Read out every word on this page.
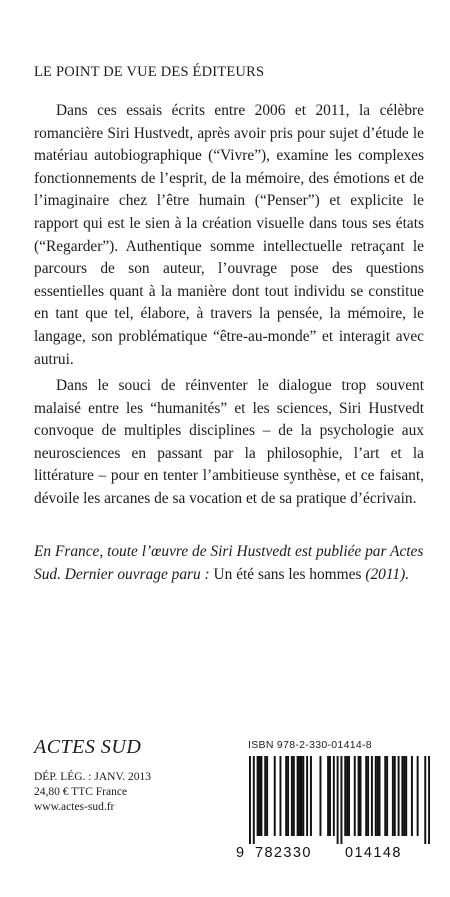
LE POINT DE VUE DES ÉDITEURS

Dans ces essais écrits entre 2006 et 2011, la célèbre romancière Siri Hustvedt, après avoir pris pour sujet d’étude le matériau autobiographique (“Vivre”), examine les complexes fonctionnements de l’esprit, de la mémoire, des émotions et de l’imaginaire chez l’être humain (“Penser”) et explicite le rapport qui est le sien à la création visuelle dans tous ses états (“Regarder”). Authentique somme intellectuelle retraçant le parcours de son auteur, l’ouvrage pose des questions essentielles quant à la manière dont tout individu se constitue en tant que tel, élabore, à travers la pensée, la mémoire, le langage, son problématique “être-au-monde” et interagit avec autrui.

Dans le souci de réinventer le dialogue trop souvent malaisé entre les “humanités” et les sciences, Siri Hustvedt convoque de multiples disciplines – de la psychologie aux neurosciences en passant par la philosophie, l’art et la littérature – pour en tenter l’ambitieuse synthèse, et ce faisant, dévoile les arcanes de sa vocation et de sa pratique d’écrivain.

En France, toute l’œuvre de Siri Hustvedt est publiée par Actes Sud. Dernier ouvrage paru : Un été sans les hommes (2011).

ACTES SUD
DÉP. LÉG. : JANV. 2013
24,80 € TTC France
www.actes-sud.fr
ISBN 978-2-330-01414-8
9 782330 014148
